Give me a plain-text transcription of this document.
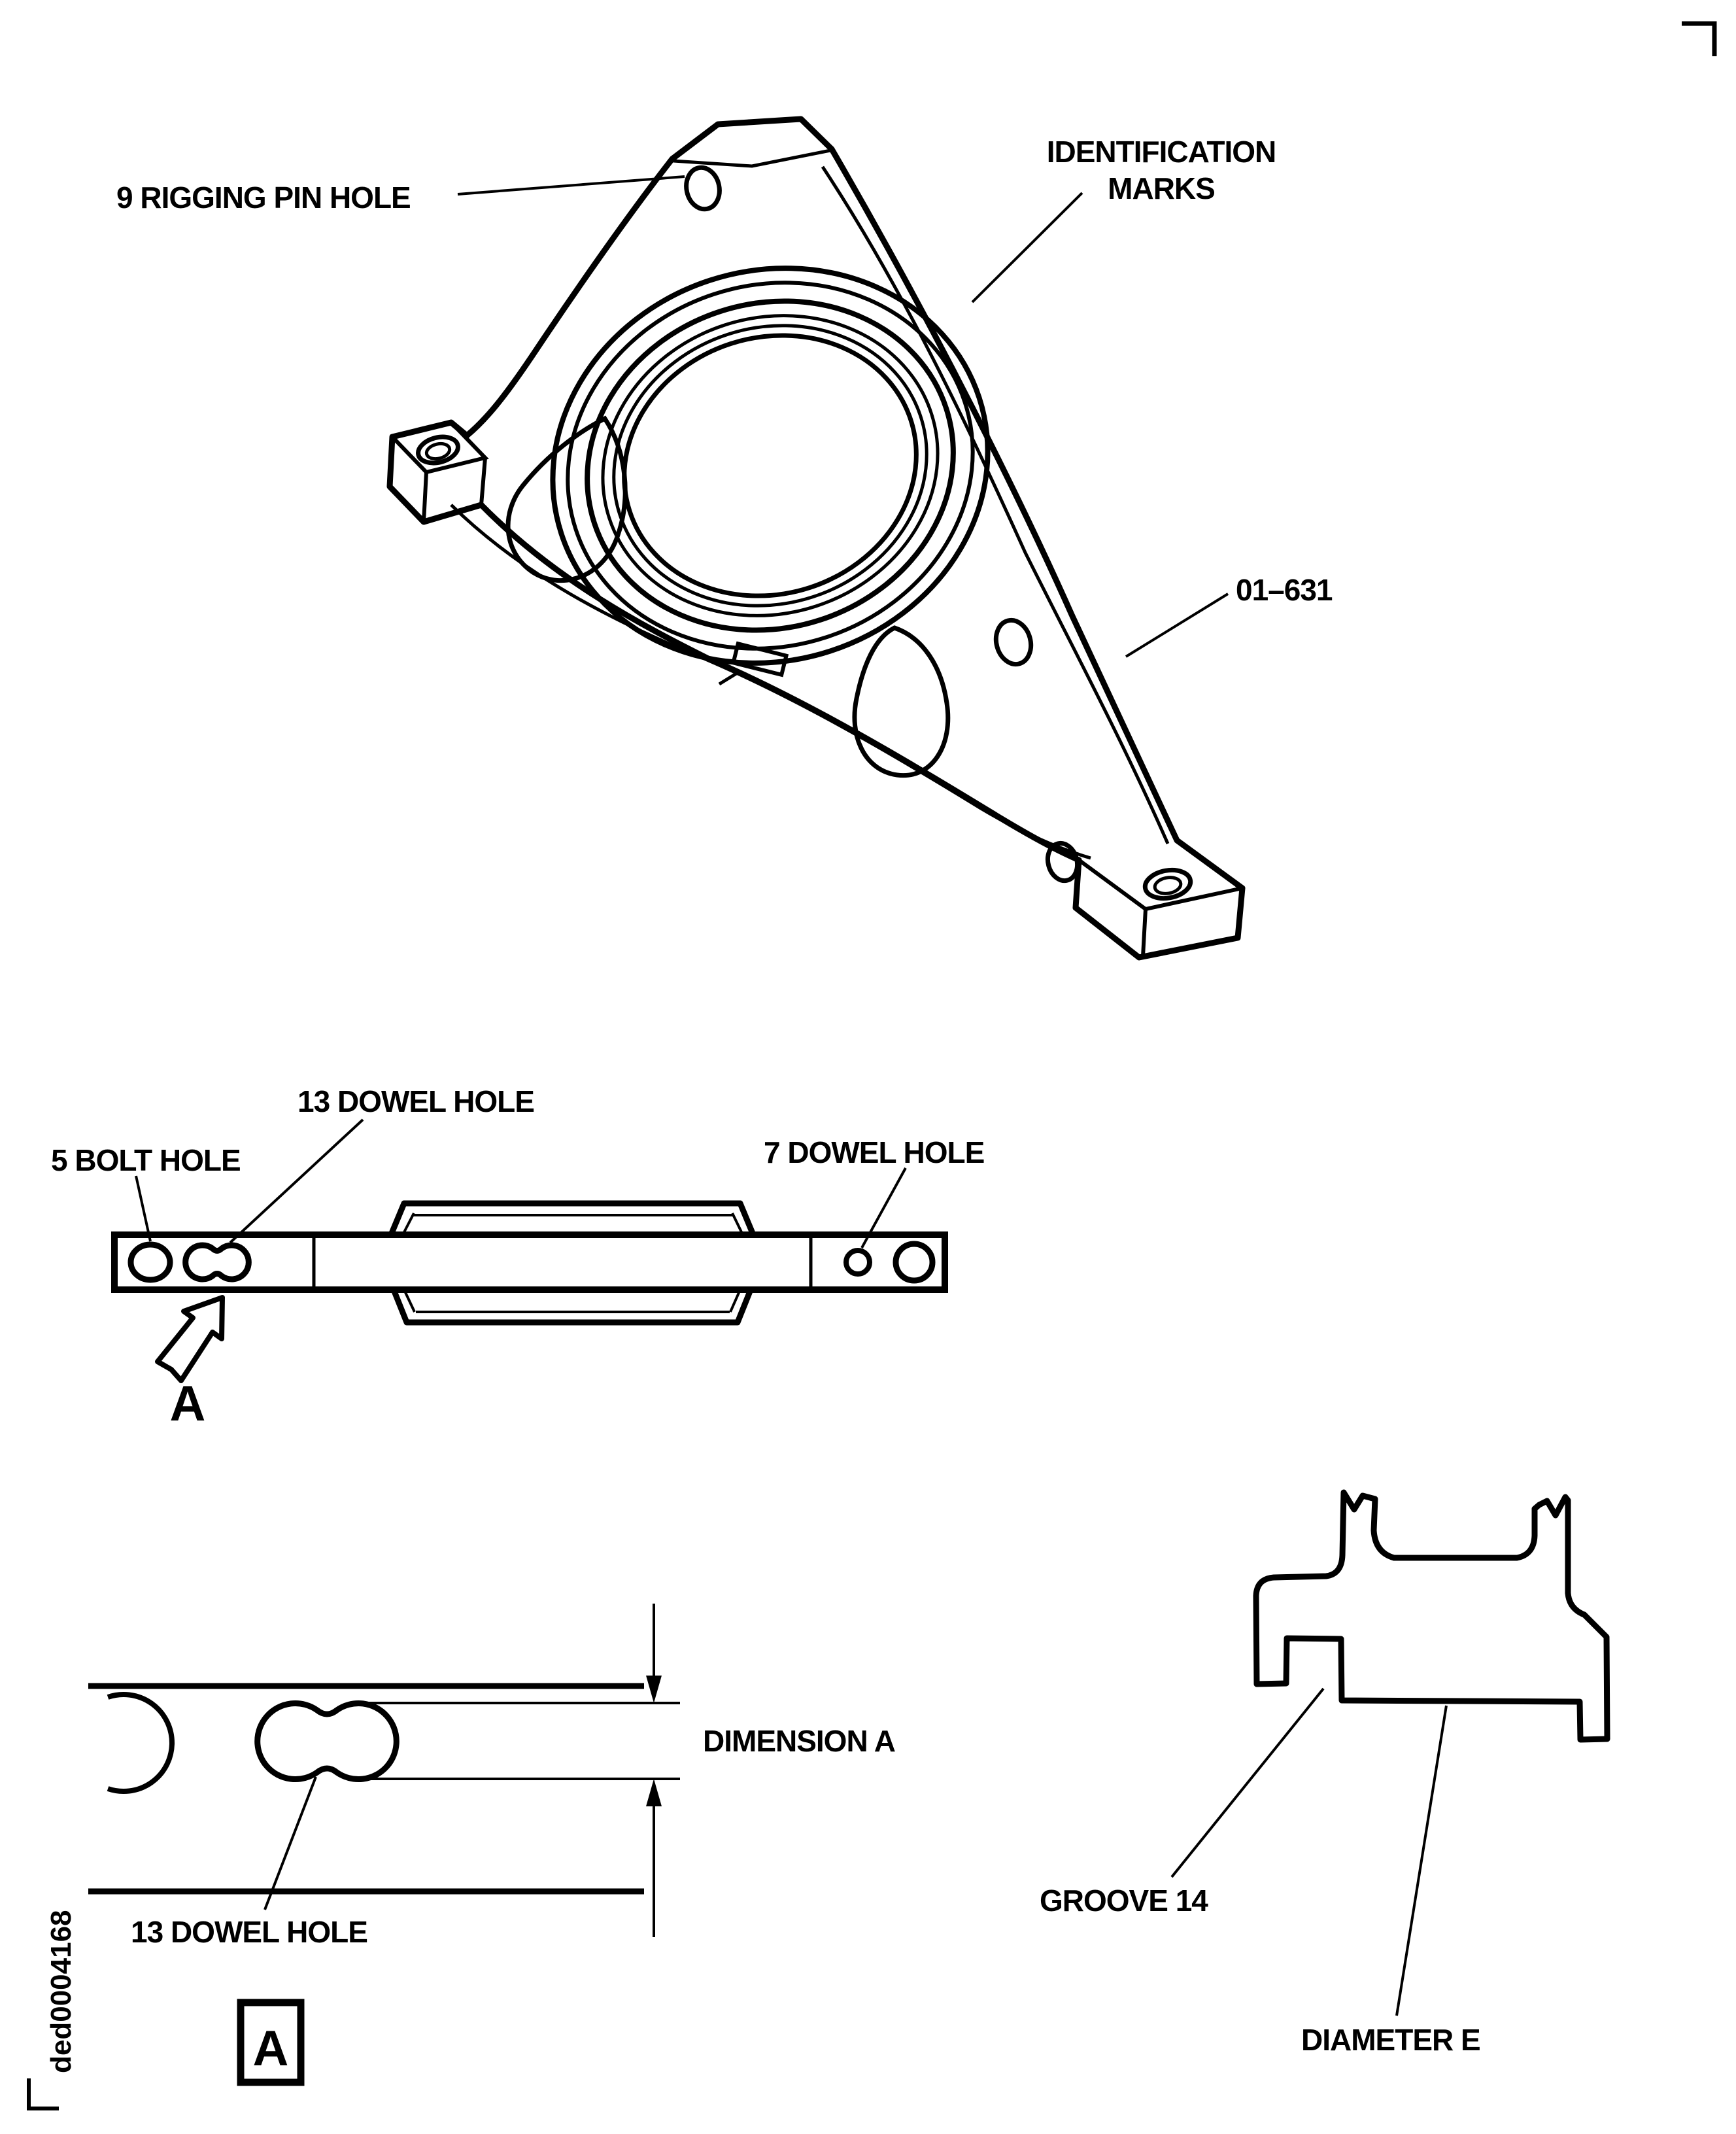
ded0004168
9 RIGGING PIN HOLE
IDENTIFICATION
MARKS
01–631
A
13 DOWEL HOLE
5 BOLT HOLE	7 DOWEL HOLE
DIMENSION A
13 DOWEL HOLE
A
GROOVE 14
DIAMETER E
